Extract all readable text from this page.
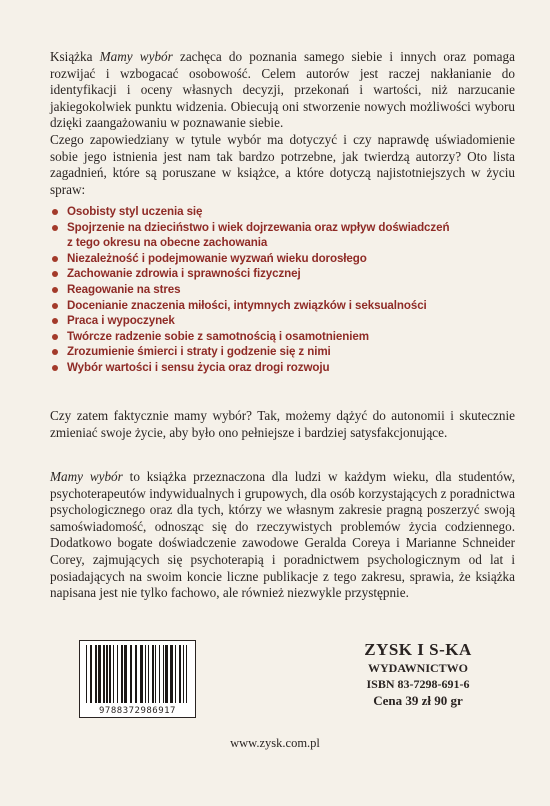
Książka Mamy wybór zachęca do poznania samego siebie i innych oraz pomaga rozwijać i wzbogacać osobowość. Celem autorów jest raczej nakłanianie do identyfikacji i oceny własnych decyzji, przekonań i wartości, niż narzucanie jakiegokolwiek punktu widzenia. Obiecują oni stworzenie nowych możliwości wyboru dzięki zaangażowaniu w poznawanie siebie.

Czego zapowiedziany w tytule wybór ma dotyczyć i czy naprawdę uświadomienie sobie jego istnienia jest nam tak bardzo potrzebne, jak twierdzą autorzy? Oto lista zagadnień, które są poruszane w książce, a które dotyczą najistotniejszych w życiu spraw:

Osobisty styl uczenia się
Spojrzenie na dzieciństwo i wiek dojrzewania oraz wpływ doświadczeń
z tego okresu na obecne zachowania
Niezależność i podejmowanie wyzwań wieku dorosłego
Zachowanie zdrowia i sprawności fizycznej
Reagowanie na stres
Docenianie znaczenia miłości, intymnych związków i seksualności
Praca i wypoczynek
Twórcze radzenie sobie z samotnością i osamotnieniem
Zrozumienie śmierci i straty i godzenie się z nimi
Wybór wartości i sensu życia oraz drogi rozwoju

Czy zatem faktycznie mamy wybór? Tak, możemy dążyć do autonomii i skutecznie zmieniać swoje życie, aby było ono pełniejsze i bardziej satysfakcjonujące.

Mamy wybór to książka przeznaczona dla ludzi w każdym wieku, dla studentów, psychoterapeutów indywidualnych i grupowych, dla osób korzystających z poradnictwa psychologicznego oraz dla tych, którzy we własnym zakresie pragną poszerzyć swoją samoświadomość, odnosząc się do rzeczywistych problemów życia codziennego. Dodatkowo bogate doświadczenie zawodowe Geralda Coreya i Marianne Schneider Corey, zajmujących się psychoterapią i poradnictwem psychologicznym od lat i posiadających na swoim koncie liczne publikacje z tego zakresu, sprawia, że książka napisana jest nie tylko fachowo, ale również niezwykle przystępnie.

9788372986917
ZYSK I S-KA
WYDAWNICTWO
ISBN 83-7298-691-6
Cena 39 zł 90 gr
www.zysk.com.pl
